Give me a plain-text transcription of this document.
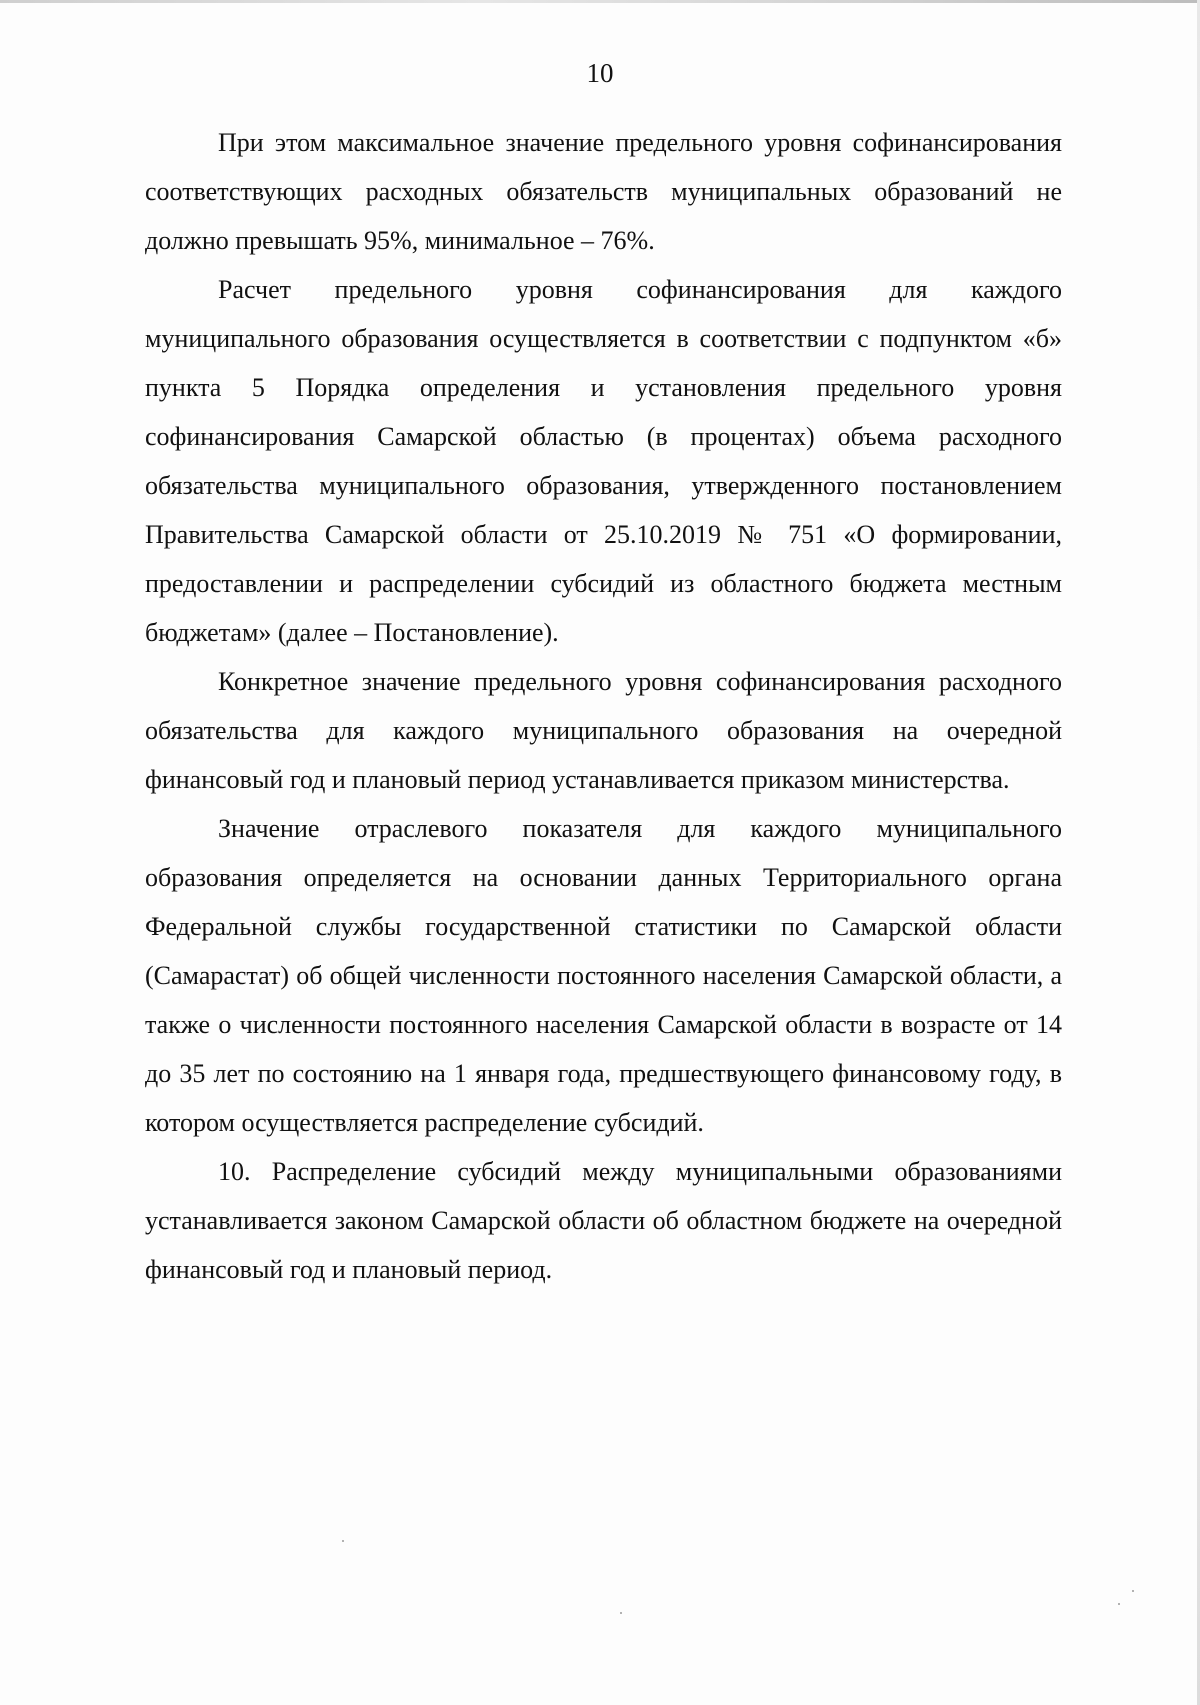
10

При этом максимальное значение предельного уровня софинансирования соответствующих расходных обязательств муниципальных образований не должно превышать 95%, минимальное – 76%.

Расчет предельного уровня софинансирования для каждого муниципального образования осуществляется в соответствии с подпунктом «б» пункта 5 Порядка определения и установления предельного уровня софинансирования Самарской областью (в процентах) объема расходного обязательства муниципального образования, утвержденного постановлением Правительства Самарской области от 25.10.2019 № 751 «О формировании, предоставлении и распределении субсидий из областного бюджета местным бюджетам» (далее – Постановление).

Конкретное значение предельного уровня софинансирования расходного обязательства для каждого муниципального образования на очередной финансовый год и плановый период устанавливается приказом министерства.

Значение отраслевого показателя для каждого муниципального образования определяется на основании данных Территориального органа Федеральной службы государственной статистики по Самарской области (Самарастат) об общей численности постоянного населения Самарской области, а также о численности постоянного населения Самарской области в возрасте от 14 до 35 лет по состоянию на 1 января года, предшествующего финансовому году, в котором осуществляется распределение субсидий.

10. Распределение субсидий между муниципальными образованиями устанавливается законом Самарской области об областном бюджете на очередной финансовый год и плановый период.
